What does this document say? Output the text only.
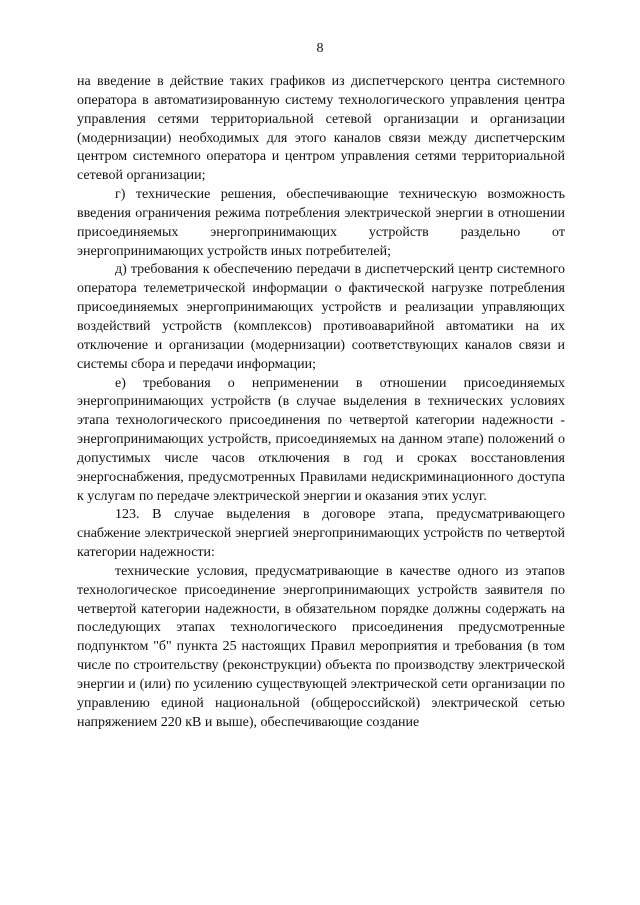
8

на введение в действие таких графиков из диспетчерского центра системного оператора в автоматизированную систему технологического управления центра управления сетями территориальной сетевой организации и организации (модернизации) необходимых для этого каналов связи между диспетчерским центром системного оператора и центром управления сетями территориальной сетевой организации;

г) технические решения, обеспечивающие техническую возможность введения ограничения режима потребления электрической энергии в отношении присоединяемых энергопринимающих устройств раздельно от энергопринимающих устройств иных потребителей;

д) требования к обеспечению передачи в диспетчерский центр системного оператора телеметрической информации о фактической нагрузке потребления присоединяемых энергопринимающих устройств и реализации управляющих воздействий устройств (комплексов) противоаварийной автоматики на их отключение и организации (модернизации) соответствующих каналов связи и системы сбора и передачи информации;

е) требования о неприменении в отношении присоединяемых энергопринимающих устройств (в случае выделения в технических условиях этапа технологического присоединения по четвертой категории надежности - энергопринимающих устройств, присоединяемых на данном этапе) положений о допустимых числе часов отключения в год и сроках восстановления энергоснабжения, предусмотренных Правилами недискриминационного доступа к услугам по передаче электрической энергии и оказания этих услуг.

123. В случае выделения в договоре этапа, предусматривающего снабжение электрической энергией энергопринимающих устройств по четвертой категории надежности:

технические условия, предусматривающие в качестве одного из этапов технологическое присоединение энергопринимающих устройств заявителя по четвертой категории надежности, в обязательном порядке должны содержать на последующих этапах технологического присоединения предусмотренные подпунктом "б" пункта 25 настоящих Правил мероприятия и требования (в том числе по строительству (реконструкции) объекта по производству электрической энергии и (или) по усилению существующей электрической сети организации по управлению единой национальной (общероссийской) электрической сетью напряжением 220 кВ и выше), обеспечивающие создание
